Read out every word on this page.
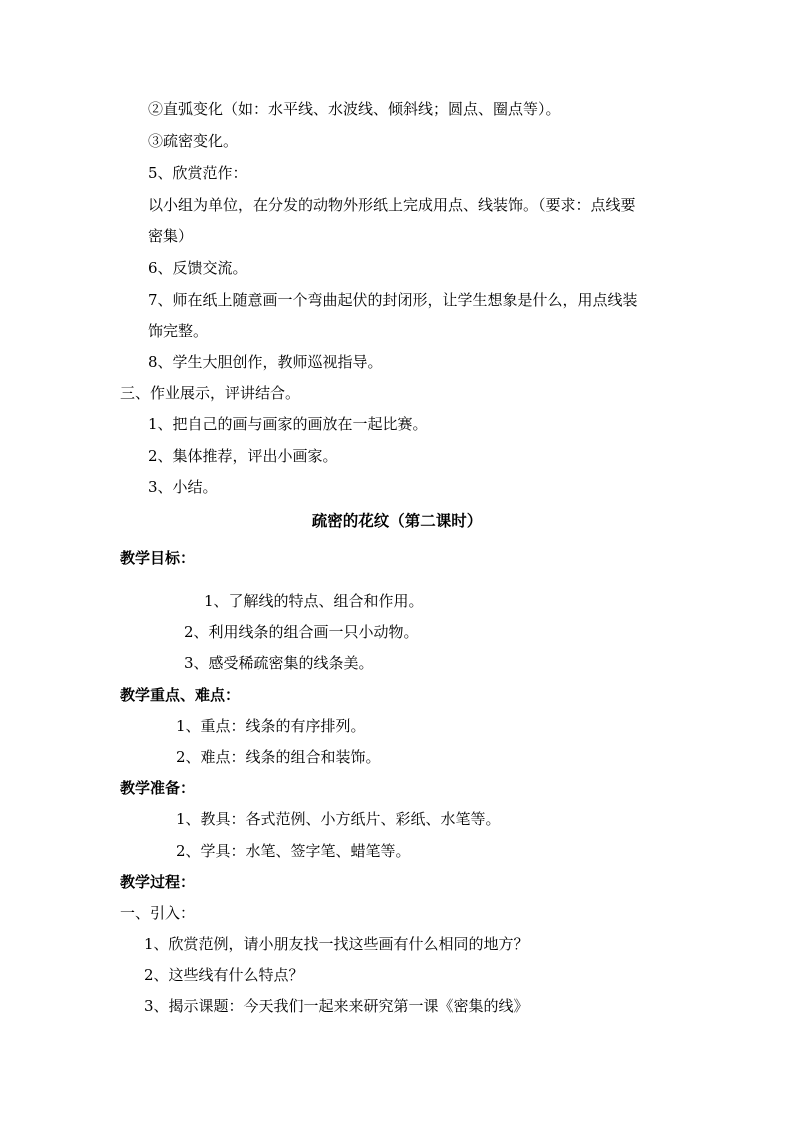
②直弧变化（如：水平线、水波线、倾斜线；圆点、圈点等）。

③疏密变化。

5、欣赏范作：

以小组为单位，在分发的动物外形纸上完成用点、线装饰。（要求：点线要

密集）

6、反馈交流。

7、师在纸上随意画一个弯曲起伏的封闭形，让学生想象是什么，用点线装

饰完整。

8、学生大胆创作，教师巡视指导。

三、作业展示，评讲结合。

1、把自己的画与画家的画放在一起比赛。

2、集体推荐，评出小画家。

3、小结。

疏密的花纹（第二课时）

教学目标：

1、了解线的特点、组合和作用。

2、利用线条的组合画一只小动物。

3、感受稀疏密集的线条美。

教学重点、难点：

1、重点：线条的有序排列。

2、难点：线条的组合和装饰。

教学准备：

1、教具：各式范例、小方纸片、彩纸、水笔等。

2、学具：水笔、签字笔、蜡笔等。

教学过程：

一、引入：

1、欣赏范例，请小朋友找一找这些画有什么相同的地方？

2、这些线有什么特点？

3、揭示课题：今天我们一起来来研究第一课《密集的线》
